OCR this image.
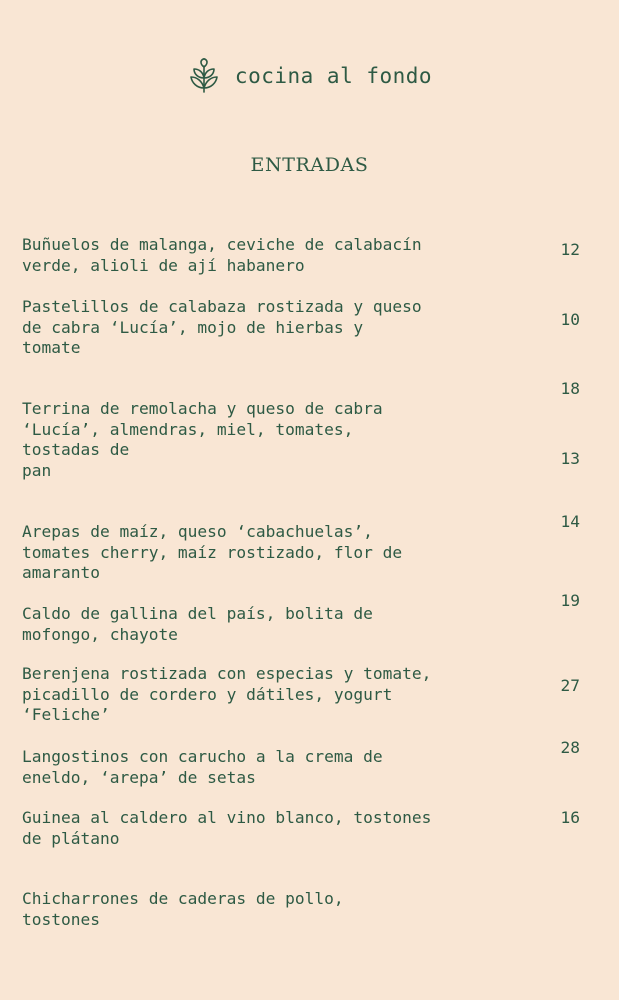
cocina al fondo
ENTRADAS
Buñuelos de malanga, ceviche de calabacín
verde, alioli de ají habanero
Pastelillos de calabaza rostizada y queso
de cabra ‘Lucía’, mojo de hierbas y
tomate
Terrina de remolacha y queso de cabra
‘Lucía’, almendras, miel, tomates,
tostadas de
pan
Arepas de maíz, queso ‘cabachuelas’,
tomates cherry, maíz rostizado, flor de
amaranto
Caldo de gallina del país, bolita de
mofongo, chayote
Berenjena rostizada con especias y tomate,
picadillo de cordero y dátiles, yogurt
‘Feliche’
Langostinos con carucho a la crema de
eneldo, ‘arepa’ de setas
Guinea al caldero al vino blanco, tostones
de plátano
Chicharrones de caderas de pollo,
tostones
12
10
18
13
14
19
27
28
16
